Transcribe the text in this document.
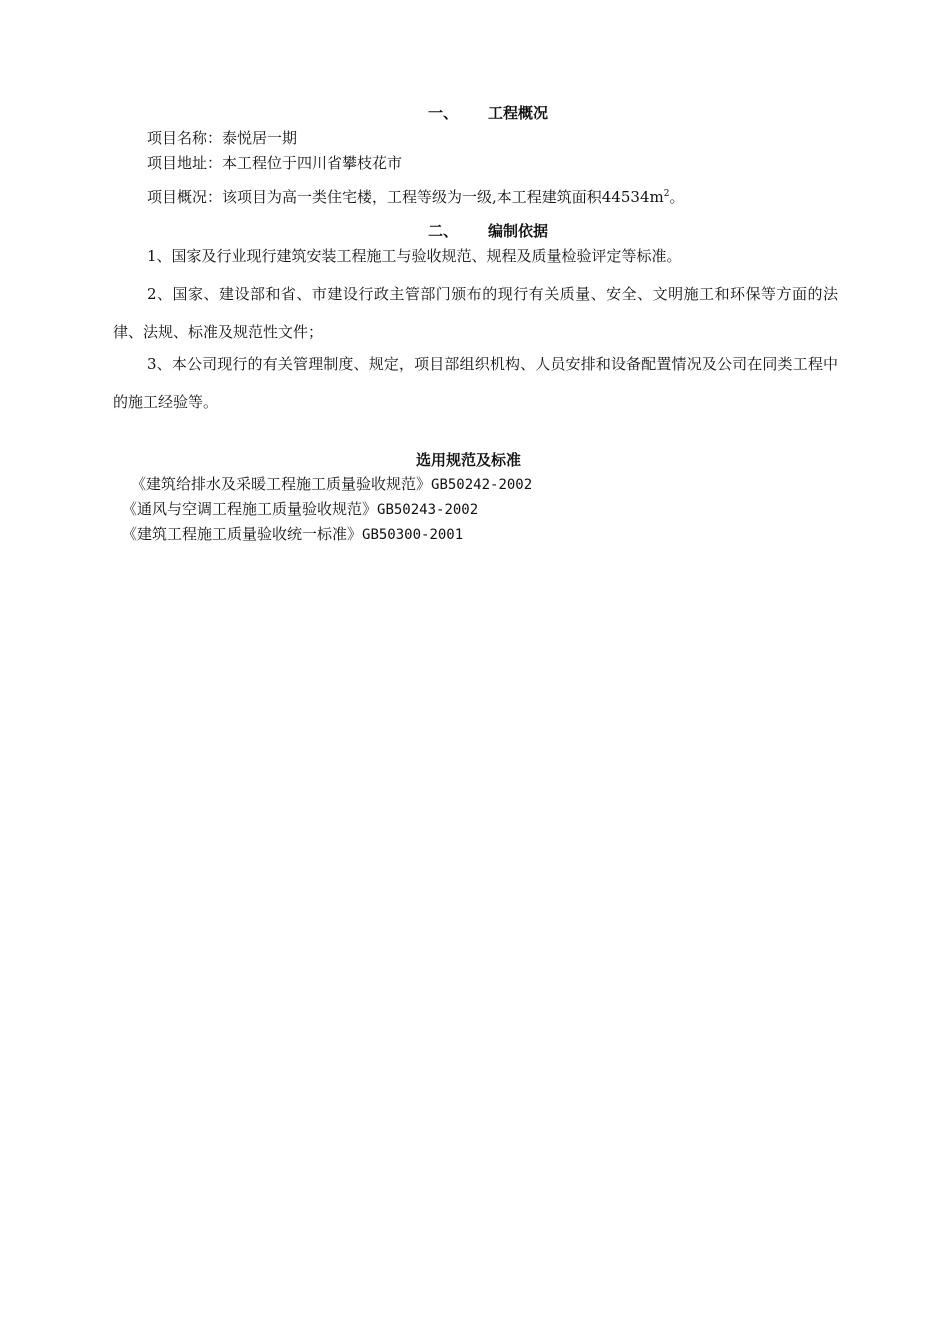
一、 工程概况
项目名称：泰悦居一期
项目地址：本工程位于四川省攀枝花市
项目概况：该项目为高一类住宅楼，工程等级为一级,本工程建筑面积$44534m^2$。
二、 编制依据
1、国家及行业现行建筑安装工程施工与验收规范、规程及质量检验评定等标准。
2、国家、建设部和省、市建设行政主管部门颁布的现行有关质量、安全、文明施工和环保等方面的法律、法规、标准及规范性文件；
3、本公司现行的有关管理制度、规定，项目部组织机构、人员安排和设备配置情况及公司在同类工程中的施工经验等。
选用规范及标准
《建筑给排水及采暖工程施工质量验收规范》GB50242-2002
《通风与空调工程施工质量验收规范》GB50243-2002
《建筑工程施工质量验收统一标准》GB50300-2001
